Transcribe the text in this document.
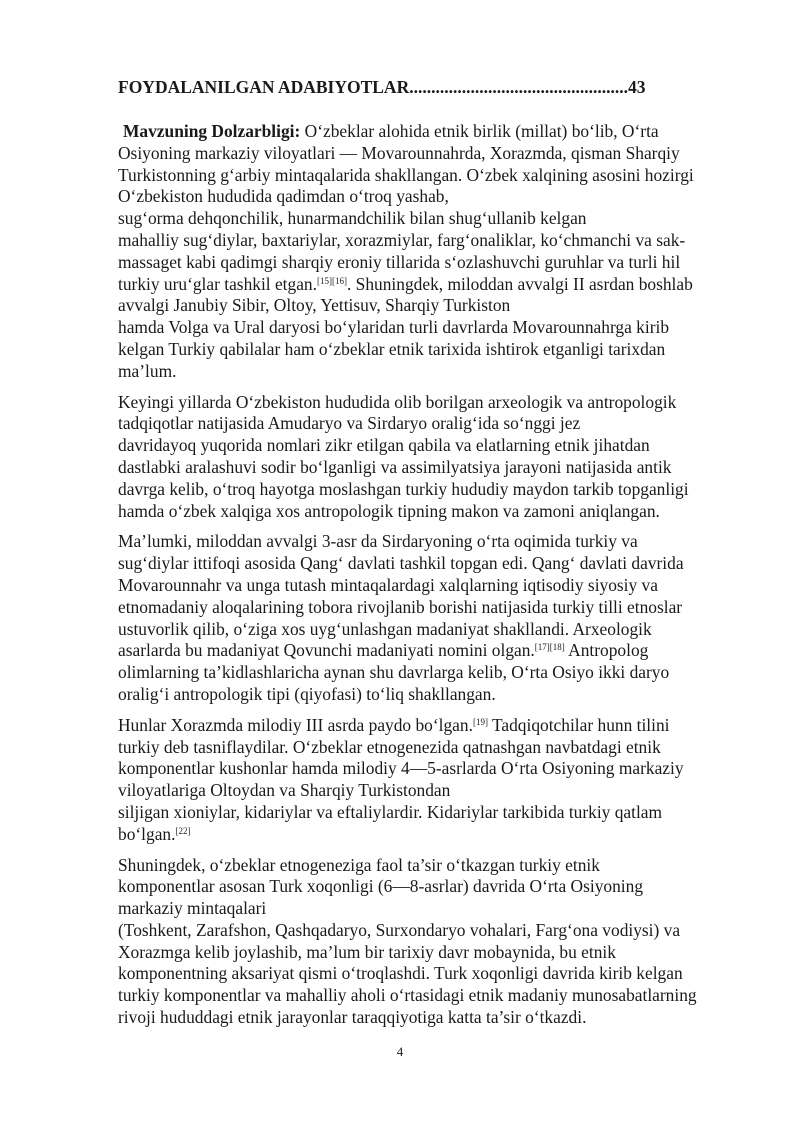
FOYDALANILGAN ADABIYOTLAR..................................................43

Mavzuning Dolzarbligi: O‘zbeklar alohida etnik birlik (millat) bo‘lib, O‘rta
Osiyoning markaziy viloyatlari — Movarounnahrda, Xorazmda, qisman Sharqiy
Turkistonning g‘arbiy mintaqalarida shakllangan. O‘zbek xalqining asosini hozirgi
O‘zbekiston hududida qadimdan o‘troq yashab,
sug‘orma dehqonchilik, hunarmandchilik bilan shug‘ullanib kelgan
mahalliy sug‘diylar, baxtariylar, xorazmiylar, farg‘onaliklar, ko‘chmanchi va sak-
massaget kabi qadimgi sharqiy eroniy tillarida s‘ozlashuvchi guruhlar va turli hil
turkiy uru‘glar tashkil etgan.[15][16]. Shuningdek, miloddan avvalgi II asrdan boshlab
avvalgi Janubiy Sibir, Oltoy, Yettisuv, Sharqiy Turkiston
hamda Volga va Ural daryosi bo‘ylaridan turli davrlarda Movarounnahrga kirib
kelgan Turkiy qabilalar ham o‘zbeklar etnik tarixida ishtirok etganligi tarixdan
ma’lum.

Keyingi yillarda O‘zbekiston hududida olib borilgan arxeologik va antropologik
tadqiqotlar natijasida Amudaryo va Sirdaryo oralig‘ida so‘nggi jez
davridayoq yuqorida nomlari zikr etilgan qabila va elatlarning etnik jihatdan
dastlabki aralashuvi sodir bo‘lganligi va assimilyatsiya jarayoni natijasida antik
davrga kelib, o‘troq hayotga moslashgan turkiy hududiy maydon tarkib topganligi
hamda o‘zbek xalqiga xos antropologik tipning makon va zamoni aniqlangan.

Ma’lumki, miloddan avvalgi 3-asr da Sirdaryoning o‘rta oqimida turkiy va
sug‘diylar ittifoqi asosida Qang‘ davlati tashkil topgan edi. Qang‘ davlati davrida
Movarounnahr va unga tutash mintaqalardagi xalqlarning iqtisodiy siyosiy va
etnomadaniy aloqalarining tobora rivojlanib borishi natijasida turkiy tilli etnoslar
ustuvorlik qilib, o‘ziga xos uyg‘unlashgan madaniyat shakllandi. Arxeologik
asarlarda bu madaniyat Qovunchi madaniyati nomini olgan.[17][18] Antropolog
olimlarning ta’kidlashlaricha aynan shu davrlarga kelib, O‘rta Osiyo ikki daryo
oralig‘i antropologik tipi (qiyofasi) to‘liq shakllangan.

Hunlar Xorazmda milodiy III asrda paydo bo‘lgan.[19] Tadqiqotchilar hunn tilini
turkiy deb tasniflaydilar. O‘zbeklar etnogenezida qatnashgan navbatdagi etnik
komponentlar kushonlar hamda milodiy 4—5-asrlarda O‘rta Osiyoning markaziy
viloyatlariga Oltoydan va Sharqiy Turkistondan
siljigan xioniylar, kidariylar va eftaliylardir. Kidariylar tarkibida turkiy qatlam
bo‘lgan.[22]

Shuningdek, o‘zbeklar etnogeneziga faol ta’sir o‘tkazgan turkiy etnik
komponentlar asosan Turk xoqonligi (6—8-asrlar) davrida O‘rta Osiyoning
markaziy mintaqalari
(Toshkent, Zarafshon, Qashqadaryo, Surxondaryo vohalari, Farg‘ona vodiysi) va
Xorazmga kelib joylashib, ma’lum bir tarixiy davr mobaynida, bu etnik
komponentning aksariyat qismi o‘troqlashdi. Turk xoqonligi davrida kirib kelgan
turkiy komponentlar va mahalliy aholi o‘rtasidagi etnik madaniy munosabatlarning
rivoji hududdagi etnik jarayonlar taraqqiyotiga katta ta’sir o‘tkazdi.

4
